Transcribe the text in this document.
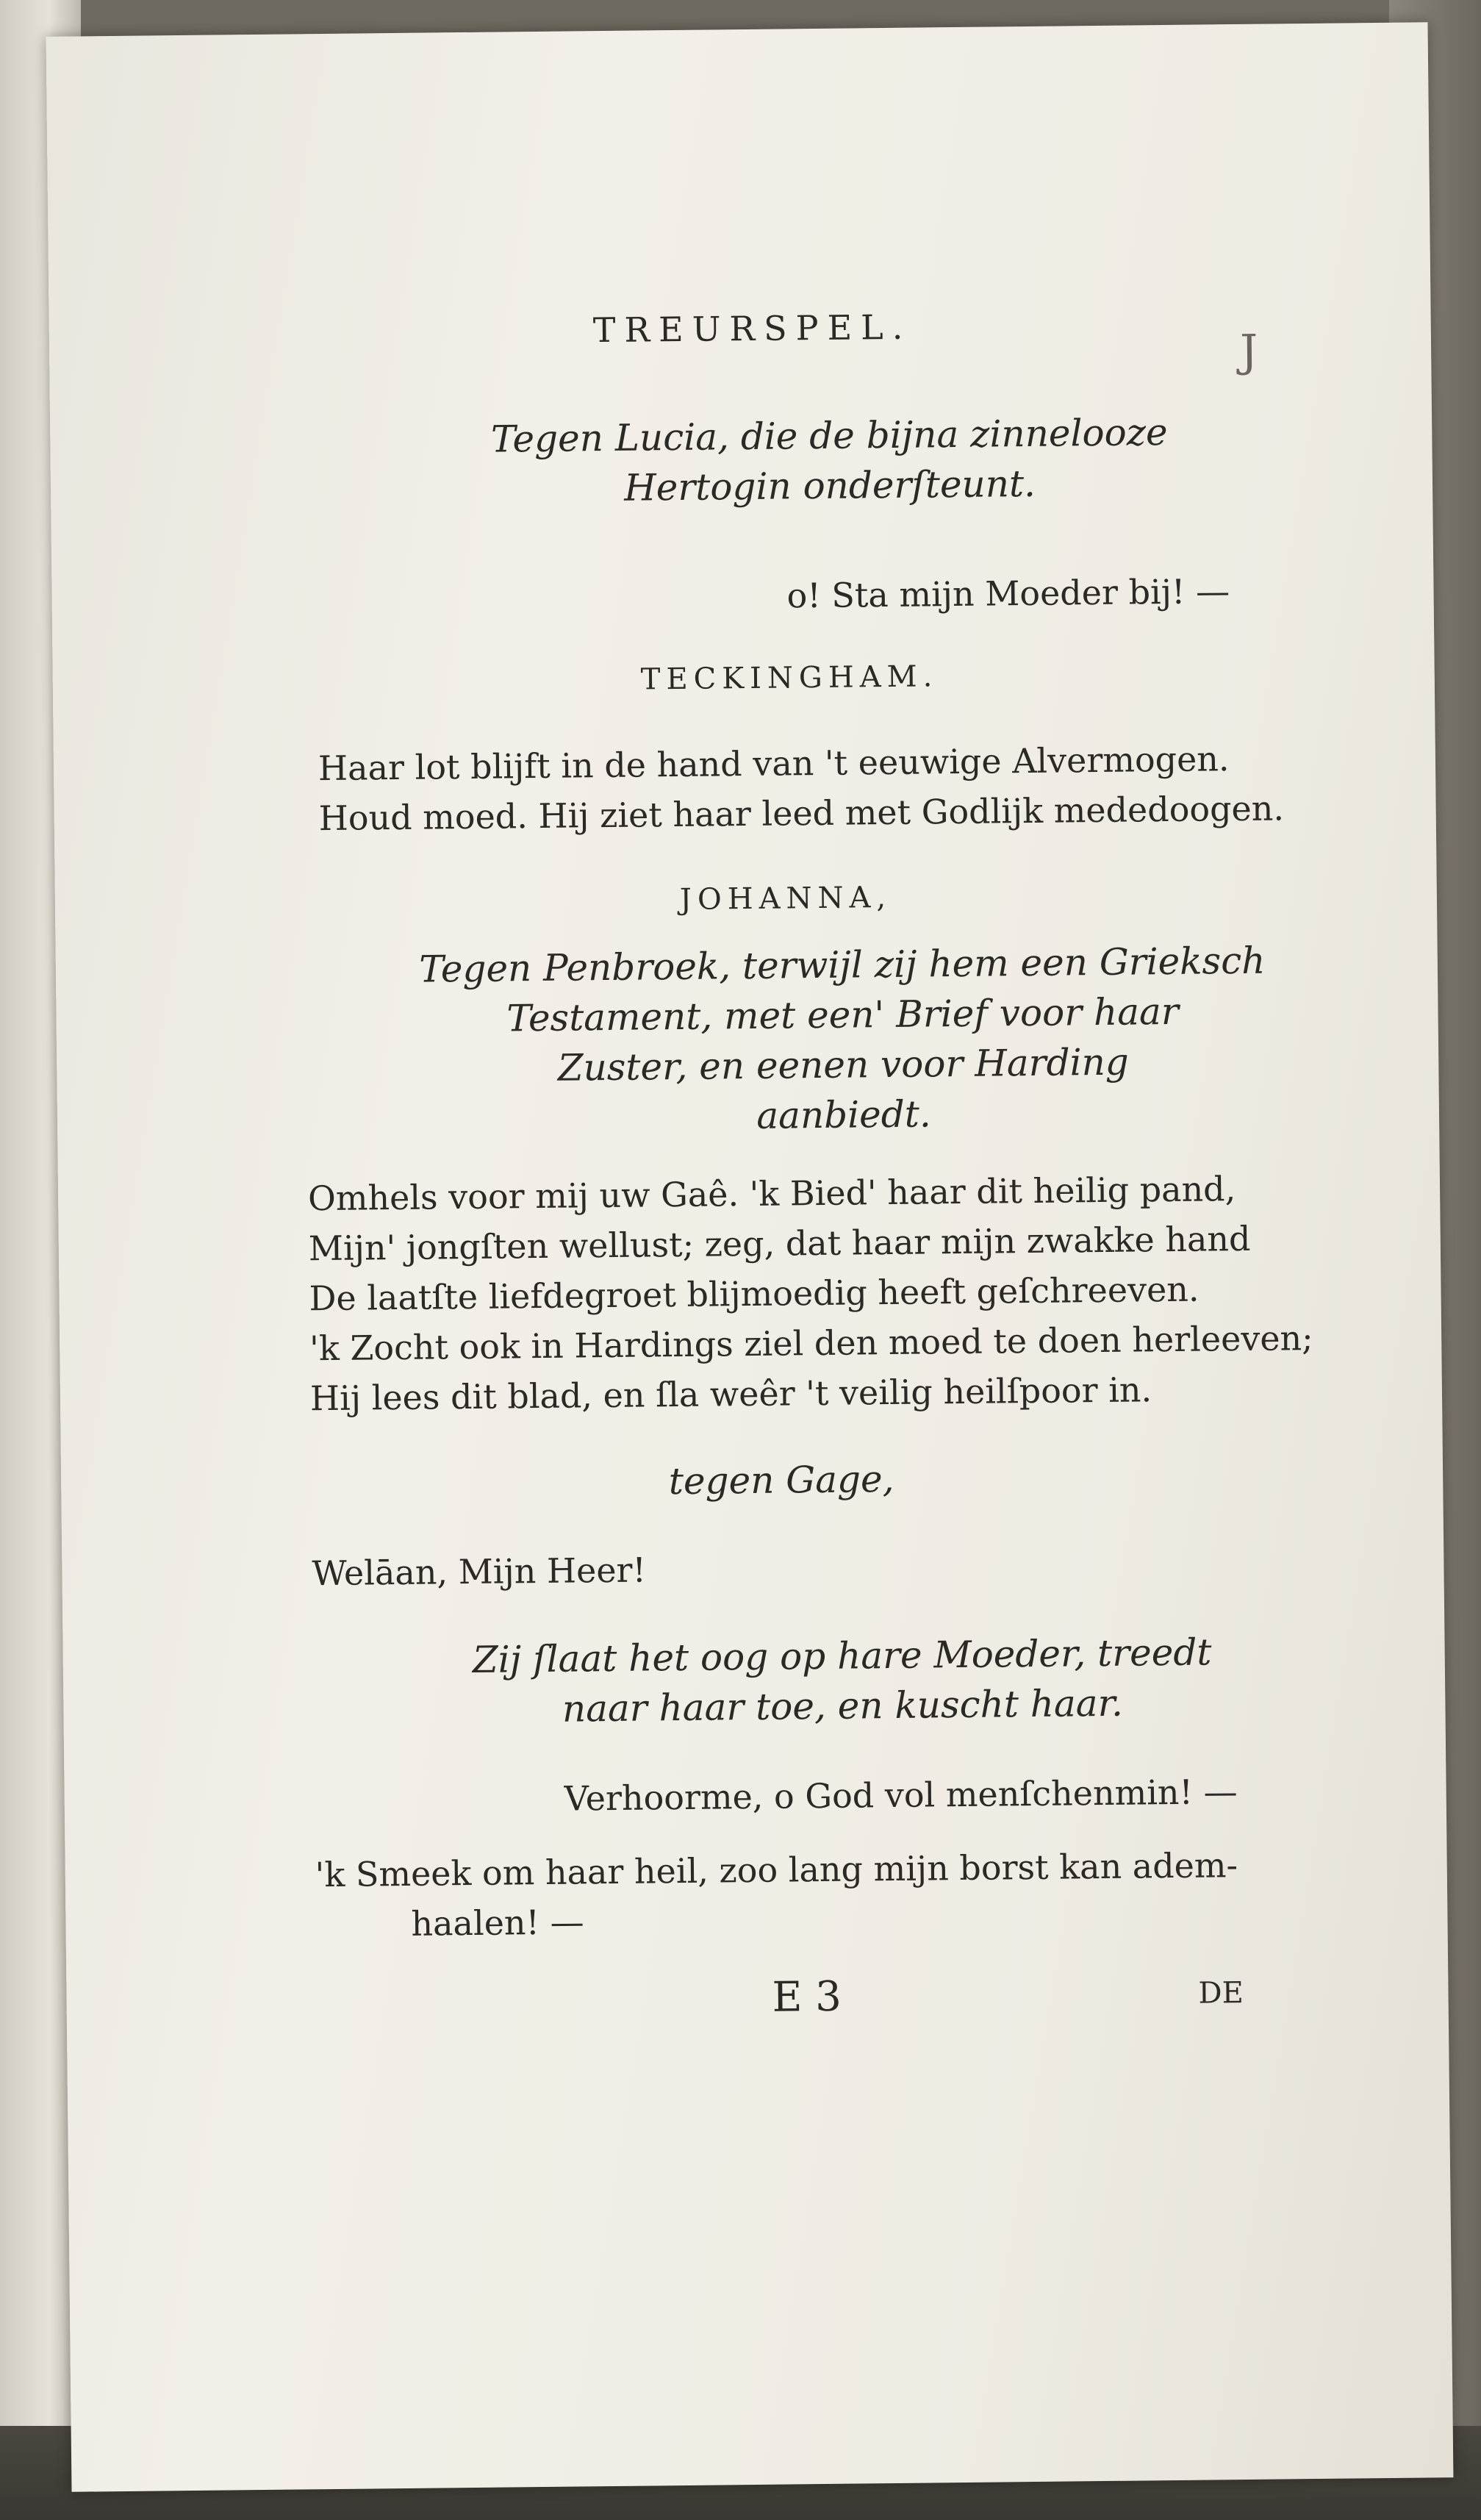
TREURSPEL.	J
Tegen Lucia, die de bijna zinnelooze
Hertogin onderſteunt.
o! Sta mijn Moeder bij! —
TECKINGHAM.
Haar lot blijft in de hand van 't eeuwige Alvermogen.
Houd moed. Hij ziet haar leed met Godlijk mededoogen.
JOHANNA,
Tegen Penbroek, terwijl zij hem een Grieksch
Testament, met een' Brief voor haar
Zuster, en eenen voor Harding
aanbiedt.
Omhels voor mij uw Gaê. 'k Bied' haar dit heilig pand,
Mijn' jongſten wellust; zeg, dat haar mijn zwakke hand
De laatſte liefdegroet blijmoedig heeft geſchreeven.
'k Zocht ook in Hardings ziel den moed te doen herleeven;
Hij lees dit blad, en ſla weêr 't veilig heilſpoor in.
tegen Gage,
Welāan, Mijn Heer!
Zij ſlaat het oog op hare Moeder, treedt
naar haar toe, en kuscht haar.
Verhoorme, o God vol menſchenmin! —
'k Smeek om haar heil, zoo lang mijn borst kan adem-
haalen! —
E 3	DE
